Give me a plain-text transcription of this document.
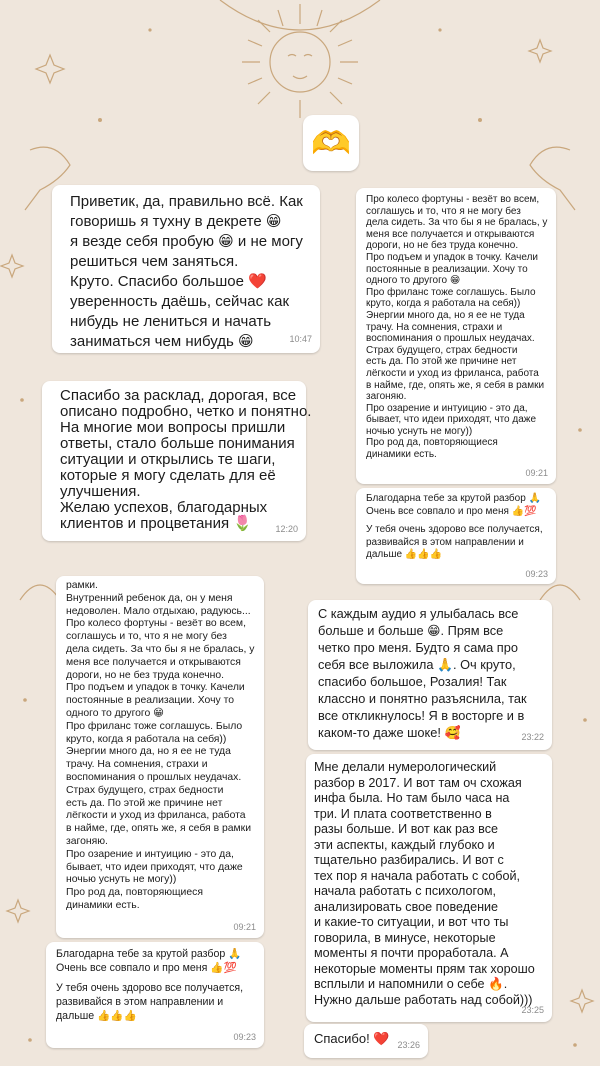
🫶
Приветик, да, правильно всё. Как
говоришь я тухну в декрете 😁
я везде себя пробую 😁 и не могу
решиться чем заняться.
Круто. Спасибо большое ❤️
уверенность даёшь, сейчас как
нибудь не лениться и начать
заниматься чем нибудь 😁	10:47
Спасибо за расклад, дорогая, все
описано подробно, четко и понятно.
На многие мои вопросы пришли
ответы, стало больше понимания
ситуации и открылись те шаги,
которые я могу сделать для её
улучшения.
Желаю успехов, благодарных
клиентов и процветания 🌷	12:20
Про колесо фортуны - везёт во всем,
соглашусь и то, что я не могу без
дела сидеть. За что бы я не бралась, у
меня все получается и открываются
дороги, но не без труда конечно.
Про подъем и упадок в точку. Качели
постоянные в реализации. Хочу то
одного то другого 😁
Про фриланс тоже соглашусь. Было
круто, когда я работала на себя))
Энергии много да, но я ее не туда
трачу. На сомнения, страхи и
воспоминания о прошлых неудачах.
Страх будущего, страх бедности
есть да. По этой же причине нет
лёгкости и уход из фриланса, работа
в найме, где, опять же, я себя в рамки
загоняю.
Про озарение и интуицию - это да,
бывает, что идеи приходят, что даже
ночью уснуть не могу))
Про род да, повторяющиеся
динамики есть.
09:21
Благодарна тебе за крутой разбор 🙏
Очень все совпало и про меня 👍💯
У тебя очень здорово все получается,
развивайся в этом направлении и
дальше 👍👍👍
09:23
рамки.
Внутренний ребенок да, он у меня
недоволен. Мало отдыхаю, радуюсь...
Про колесо фортуны - везёт во всем,
соглашусь и то, что я не могу без
дела сидеть. За что бы я не бралась, у
меня все получается и открываются
дороги, но не без труда конечно.
Про подъем и упадок в точку. Качели
постоянные в реализации. Хочу то
одного то другого 😁
Про фриланс тоже соглашусь. Было
круто, когда я работала на себя))
Энергии много да, но я ее не туда
трачу. На сомнения, страхи и
воспоминания о прошлых неудачах.
Страх будущего, страх бедности
есть да. По этой же причине нет
лёгкости и уход из фриланса, работа
в найме, где, опять же, я себя в рамки
загоняю.
Про озарение и интуицию - это да,
бывает, что идеи приходят, что даже
ночью уснуть не могу))
Про род да, повторяющиеся
динамики есть.
09:21
Благодарна тебе за крутой разбор 🙏
Очень все совпало и про меня 👍💯
У тебя очень здорово все получается,
развивайся в этом направлении и
дальше 👍👍👍
09:23
С каждым аудио я улыбалась все
больше и больше 😁. Прям все
четко про меня. Будто я сама про
себя все выложила 🙏. Оч круто,
спасибо большое, Розалия! Так
классно и понятно разъяснила, так
все откликнулось! Я в восторге и в
каком-то даже шоке! 🥰	23:22
Мне делали нумерологический
разбор в 2017. И вот там оч схожая
инфа была. Но там было часа на
три. И плата соответственно в
разы больше. И вот как раз все
эти аспекты, каждый глубоко и
тщательно разбирались. И вот с
тех пор я начала работать с собой,
начала работать с психологом,
анализировать свое поведение
и какие-то ситуации, и вот что ты
говорила, в минусе, некоторые
моменты я почти проработала. А
некоторые моменты прям так хорошо
всплыли и напомнили о себе 🔥.
Нужно дальше работать над собой)))
23:25
Спасибо! ❤️ 23:26
